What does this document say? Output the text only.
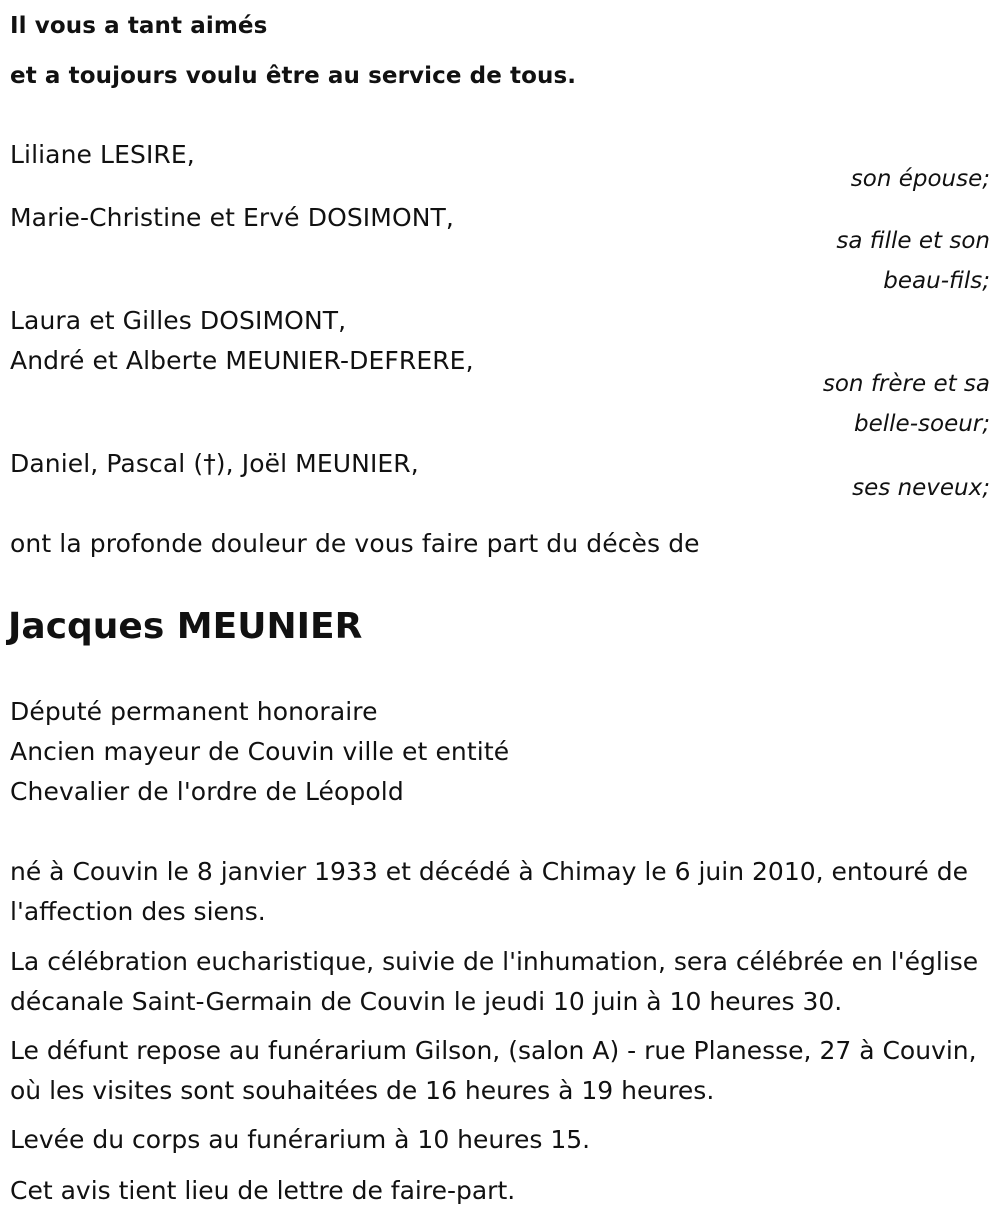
Il vous a tant aimés
et a toujours voulu être au service de tous.
Liliane LESIRE,
son épouse;
Marie-Christine et Ervé DOSIMONT,
sa fille et son
beau-fils;
Laura et Gilles DOSIMONT,
André et Alberte MEUNIER-DEFRERE,
son frère et sa
belle-soeur;
Daniel, Pascal (†), Joël MEUNIER,
ses neveux;
ont la profonde douleur de vous faire part du décès de
Jacques MEUNIER
Député permanent honoraire
Ancien mayeur de Couvin ville et entité
Chevalier de l'ordre de Léopold

né à Couvin le 8 janvier 1933 et décédé à Chimay le 6 juin 2010, entouré de l'affection des siens.

La célébration eucharistique, suivie de l'inhumation, sera célébrée en l'église décanale Saint-Germain de Couvin le jeudi 10 juin à 10 heures 30.

Le défunt repose au funérarium Gilson, (salon A) - rue Planesse, 27 à Couvin, où les visites sont souhaitées de 16 heures à 19 heures.

Levée du corps au funérarium à 10 heures 15.

Cet avis tient lieu de lettre de faire-part.
